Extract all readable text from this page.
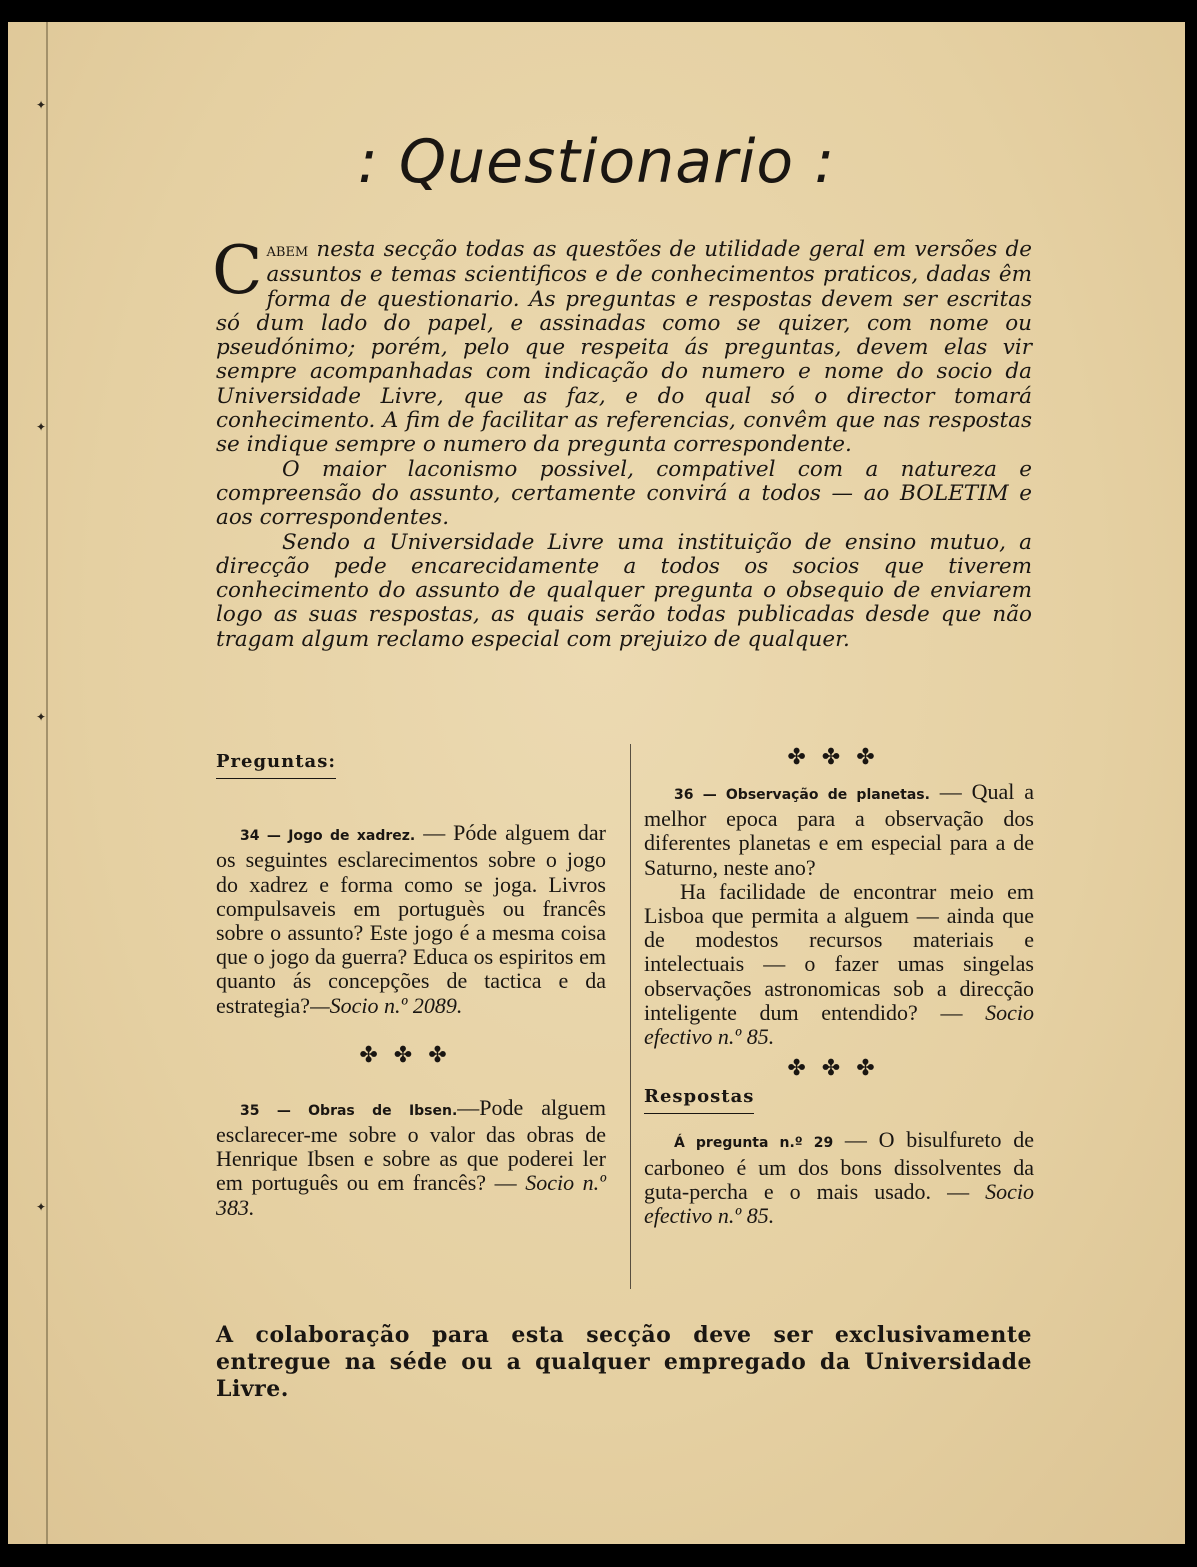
✦
✦
✦
✦
: Questionario :

Cabem nesta secção todas as questões de utilidade geral em versões de assuntos e temas scientificos e de conhecimentos praticos, dadas êm forma de questionario. As preguntas e respostas devem ser escritas só dum lado do papel, e assinadas como se quizer, com nome ou pseudónimo; porém, pelo que respeita ás preguntas, devem elas vir sempre acompanhadas com indicação do numero e nome do socio da Universidade Livre, que as faz, e do qual só o director tomará conhecimento. A fim de facilitar as referencias, convêm que nas respostas se indique sempre o numero da pregunta correspondente.

O maior laconismo possivel, compativel com a natureza e compreensão do assunto, certamente convirá a todos — ao BOLETIM e aos correspondentes.

Sendo a Universidade Livre uma instituição de ensino mutuo, a direcção pede encarecidamente a todos os socios que tiverem conhecimento do assunto de qualquer pregunta o obsequio de enviarem logo as suas respostas, as quais serão todas publicadas desde que não tragam algum reclamo especial com prejuizo de qualquer.

Preguntas:

34 — Jogo de xadrez. — Póde alguem dar os seguintes esclarecimentos sobre o jogo do xadrez e forma como se joga. Livros compulsaveis em portuguès ou francês sobre o assunto? Este jogo é a mesma coisa que o jogo da guerra? Educa os espiritos em quanto ás concepções de tactica e da estrategia?—Socio n.º 2089.

✤✤✤

35 — Obras de Ibsen.—Pode alguem esclarecer-me sobre o valor das obras de Henrique Ibsen e sobre as que poderei ler em português ou em francês? — Socio n.º 383.

✤✤✤

36 — Observação de planetas. — Qual a melhor epoca para a observação dos diferentes planetas e em especial para a de Saturno, neste ano?

Ha facilidade de encontrar meio em Lisboa que permita a alguem — ainda que de modestos recursos materiais e intelectuais — o fazer umas singelas observações astronomicas sob a direcção inteligente dum entendido? — Socio efectivo n.º 85.

✤✤✤
Respostas

Á pregunta n.º 29 — O bisulfureto de carboneo é um dos bons dissolventes da guta-percha e o mais usado. — Socio efectivo n.º 85.

A colaboração para esta secção deve ser exclusivamente entregue na séde ou a qualquer empregado da Universidade Livre.
